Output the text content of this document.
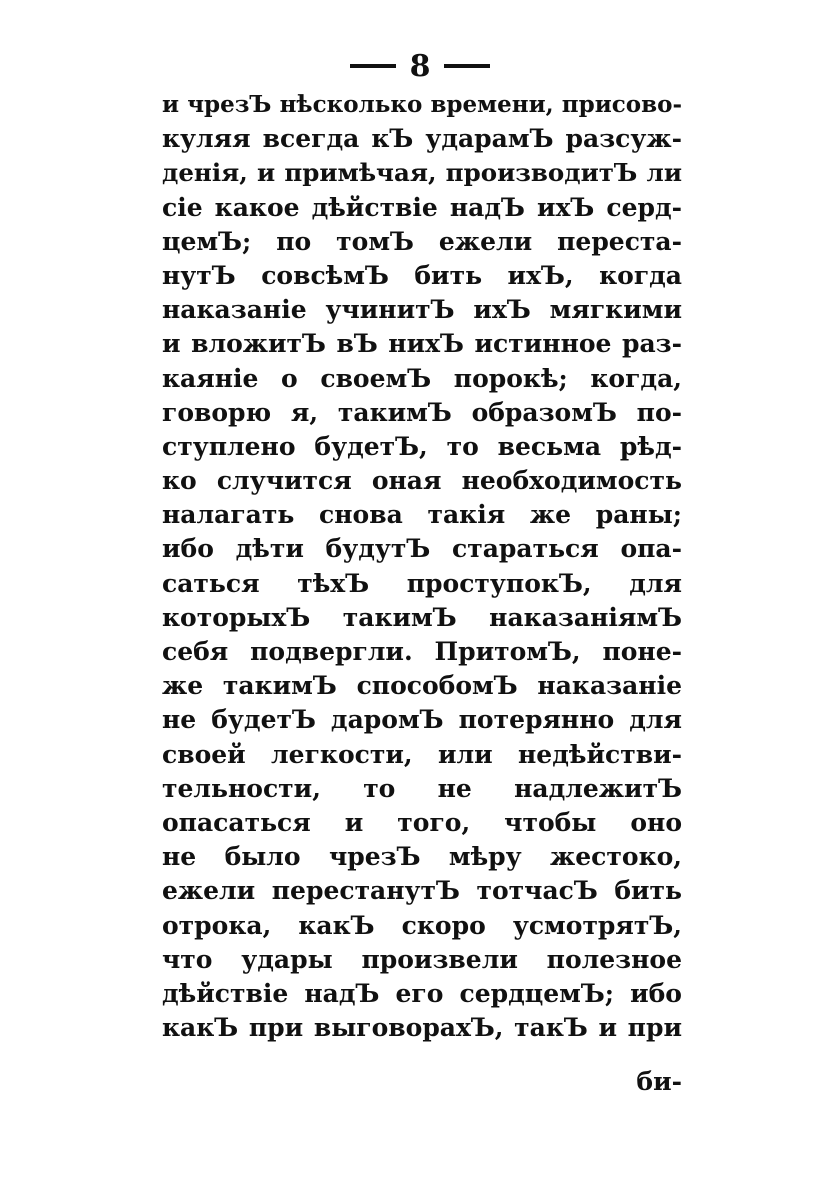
8
и чрезЪ нѣсколько времени, присово-
куляя всегда кЪ ударамЪ разсуж-
денія, и примѣчая, производитЪ ли
сіе какое дѣйствіе надЪ ихЪ серд-
цемЪ; по томЪ ежели переста-
нутЪ совсѣмЪ бить ихЪ, когда
наказаніе учинитЪ ихЪ мягкими
и вложитЪ вЪ нихЪ истинное раз-
каяніе о своемЪ порокѣ; когда,
говорю я, такимЪ образомЪ по-
ступлено будетЪ, то весьма рѣд-
ко случится оная необходимость
налагать снова такія же раны;
ибо дѣти будутЪ стараться опа-
саться тѣхЪ проступокЪ, для
которыхЪ такимЪ наказаніямЪ
себя подвергли. ПритомЪ, поне-
же такимЪ способомЪ наказаніе
не будетЪ даромЪ потерянно для
своей легкости, или недѣйстви-
тельности, то не надлежитЪ
опасаться и того, чтобы оно
не было чрезЪ мѣру жестоко,
ежели перестанутЪ тотчасЪ бить
отрока, какЪ скоро усмотрятЪ,
что удары произвели полезное
дѣйствіе надЪ его сердцемЪ; ибо
какЪ при выговорахЪ, такЪ и при
би-
